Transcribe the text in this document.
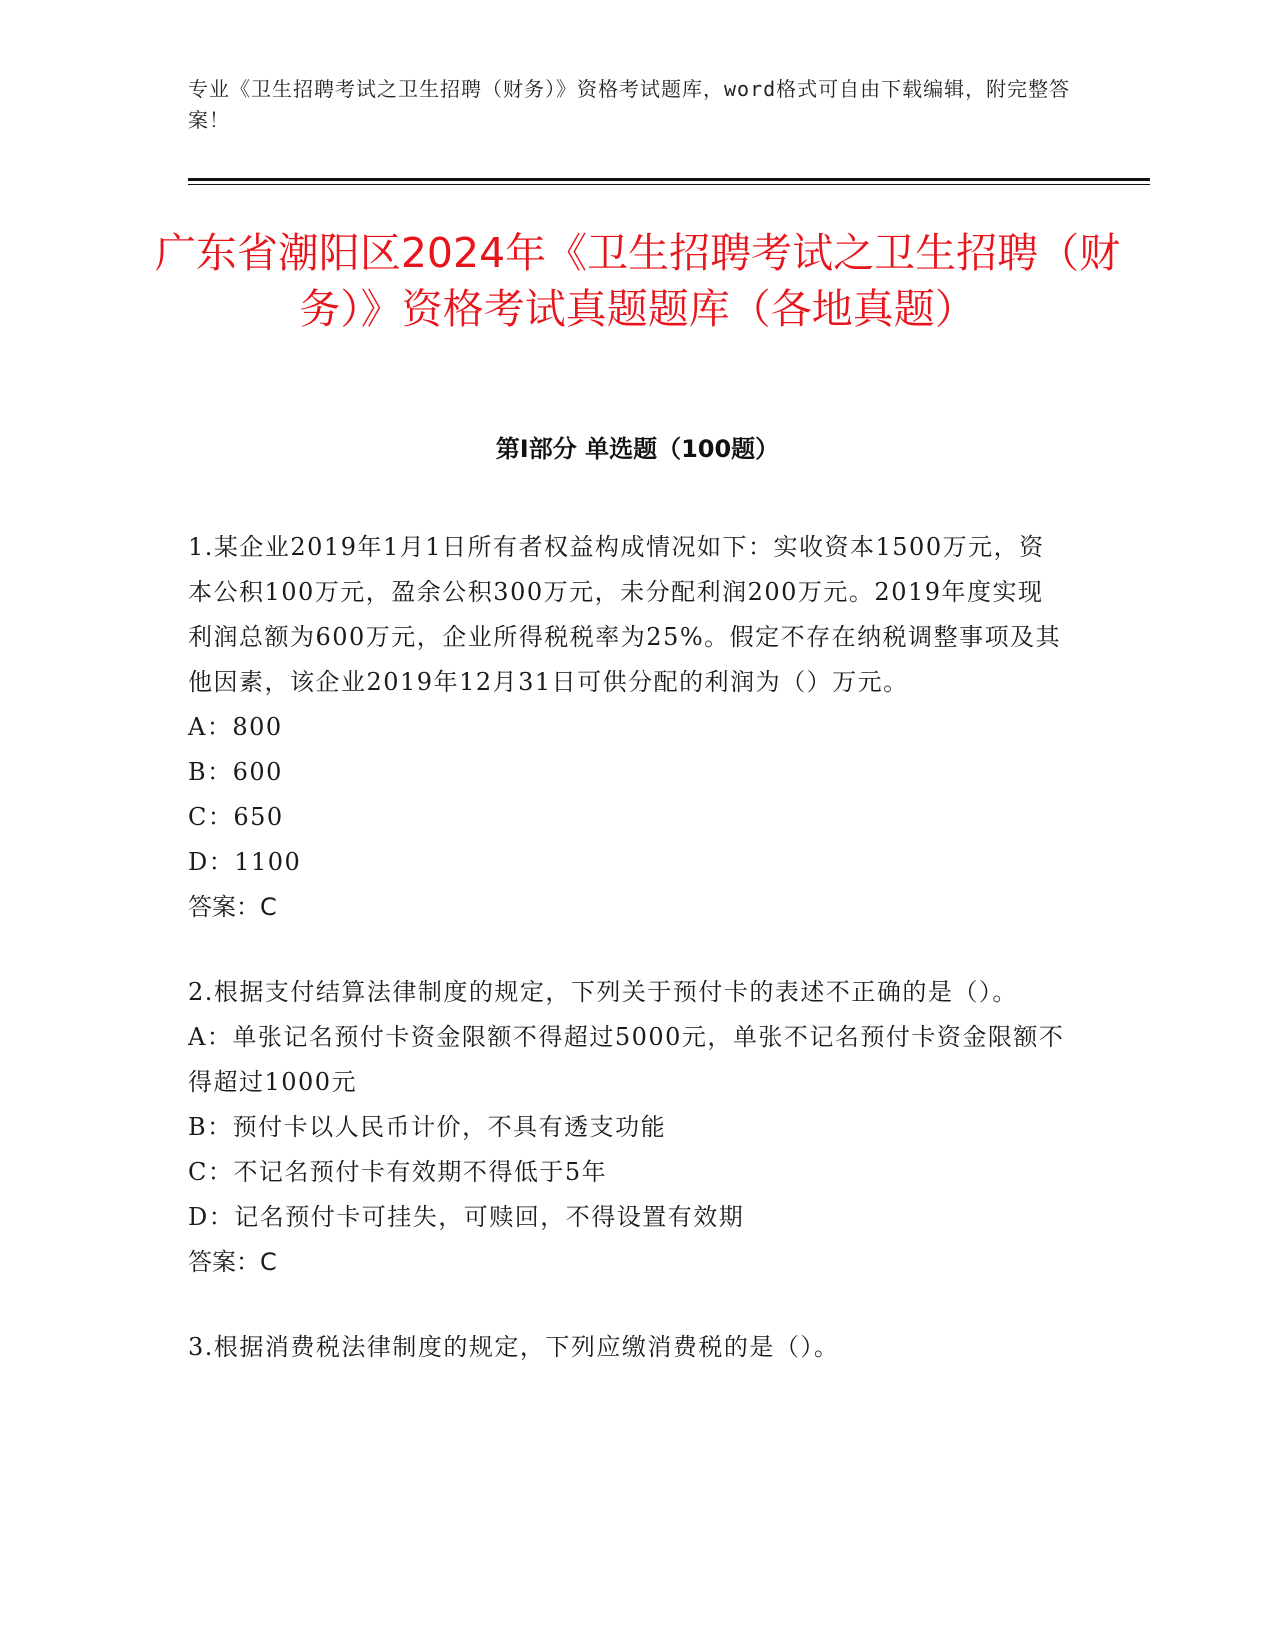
专业《卫生招聘考试之卫生招聘（财务）》资格考试题库，word格式可自由下载编辑，附完整答案！
广东省潮阳区2024年《卫生招聘考试之卫生招聘（财务）》资格考试真题题库（各地真题）
第Ⅰ部分 单选题（100题）

1.某企业2019年1月1日所有者权益构成情况如下：实收资本1500万元，资本公积100万元，盈余公积300万元，未分配利润200万元。2019年度实现利润总额为600万元，企业所得税税率为25%。假定不存在纳税调整事项及其他因素，该企业2019年12月31日可供分配的利润为（）万元。

A：800

B：600

C：650

D：1100

答案：C

2.根据支付结算法律制度的规定，下列关于预付卡的表述不正确的是（）。

A：单张记名预付卡资金限额不得超过5000元，单张不记名预付卡资金限额不得超过1000元

B：预付卡以人民币计价，不具有透支功能

C：不记名预付卡有效期不得低于5年

D：记名预付卡可挂失，可赎回，不得设置有效期

答案：C

3.根据消费税法律制度的规定，下列应缴消费税的是（）。
